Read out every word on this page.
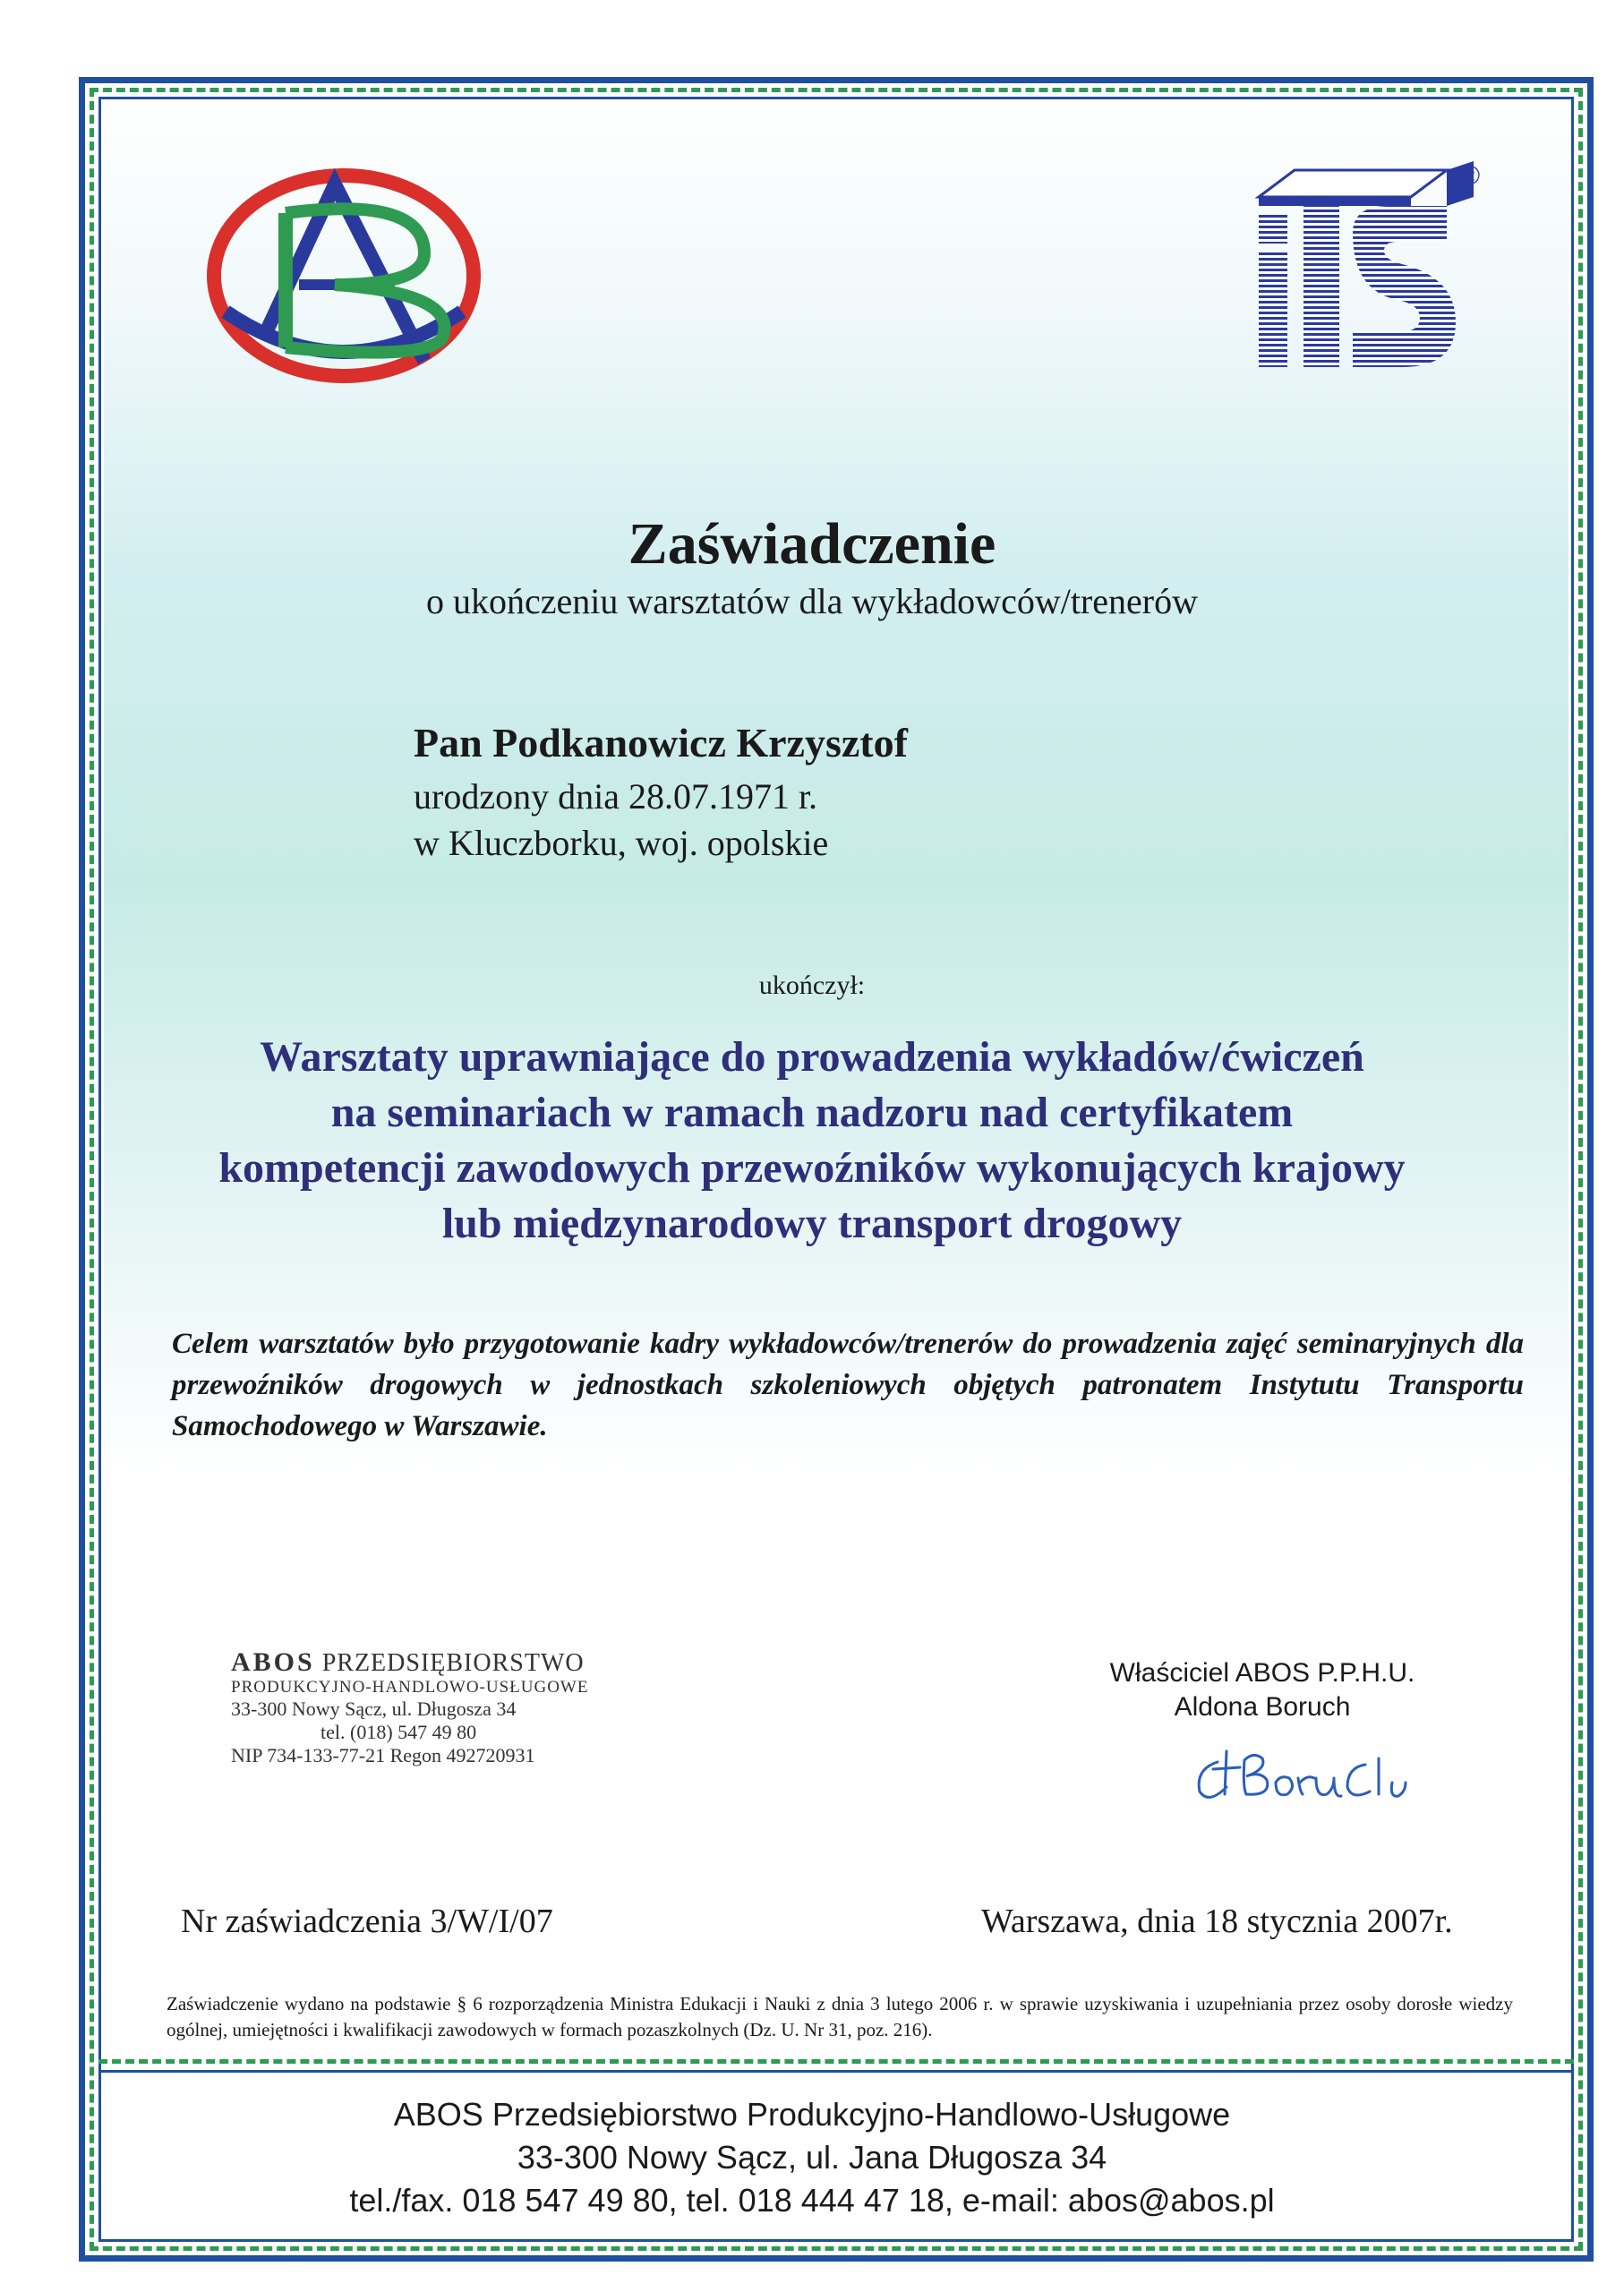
®
Zaświadczenie
o ukończeniu warsztatów dla wykładowców/trenerów
Pan Podkanowicz Krzysztof
urodzony dnia 28.07.1971 r.
w Kluczborku, woj. opolskie
ukończył:
Warsztaty uprawniające do prowadzenia wykładów/ćwiczeń
na seminariach w ramach nadzoru nad certyfikatem
kompetencji zawodowych przewoźników wykonujących krajowy
lub międzynarodowy transport drogowy
Celem warsztatów było przygotowanie kadry wykładowców/trenerów do prowadzenia zajęć seminaryjnych dla przewoźników drogowych w jednostkach szkoleniowych objętych patronatem Instytutu Transportu Samochodowego w Warszawie.
ABOS PRZEDSIĘBIORSTWO
PRODUKCYJNO-HANDLOWO-USŁUGOWE
33-300 Nowy Sącz, ul. Długosza 34
tel. (018) 547 49 80
NIP 734-133-77-21 Regon 492720931
Właściciel ABOS P.P.H.U.
Aldona Boruch
Nr zaświadczenia 3/W/I/07	Warszawa, dnia 18 stycznia 2007r.
Zaświadczenie wydano na podstawie § 6 rozporządzenia Ministra Edukacji i Nauki z dnia 3 lutego 2006 r. w sprawie uzyskiwania i uzupełniania przez osoby dorosłe wiedzy ogólnej, umiejętności i kwalifikacji zawodowych w formach pozaszkolnych (Dz. U. Nr 31, poz. 216).
ABOS Przedsiębiorstwo Produkcyjno-Handlowo-Usługowe
33-300 Nowy Sącz, ul. Jana Długosza 34
tel./fax. 018 547 49 80, tel. 018 444 47 18, e-mail: abos@abos.pl
